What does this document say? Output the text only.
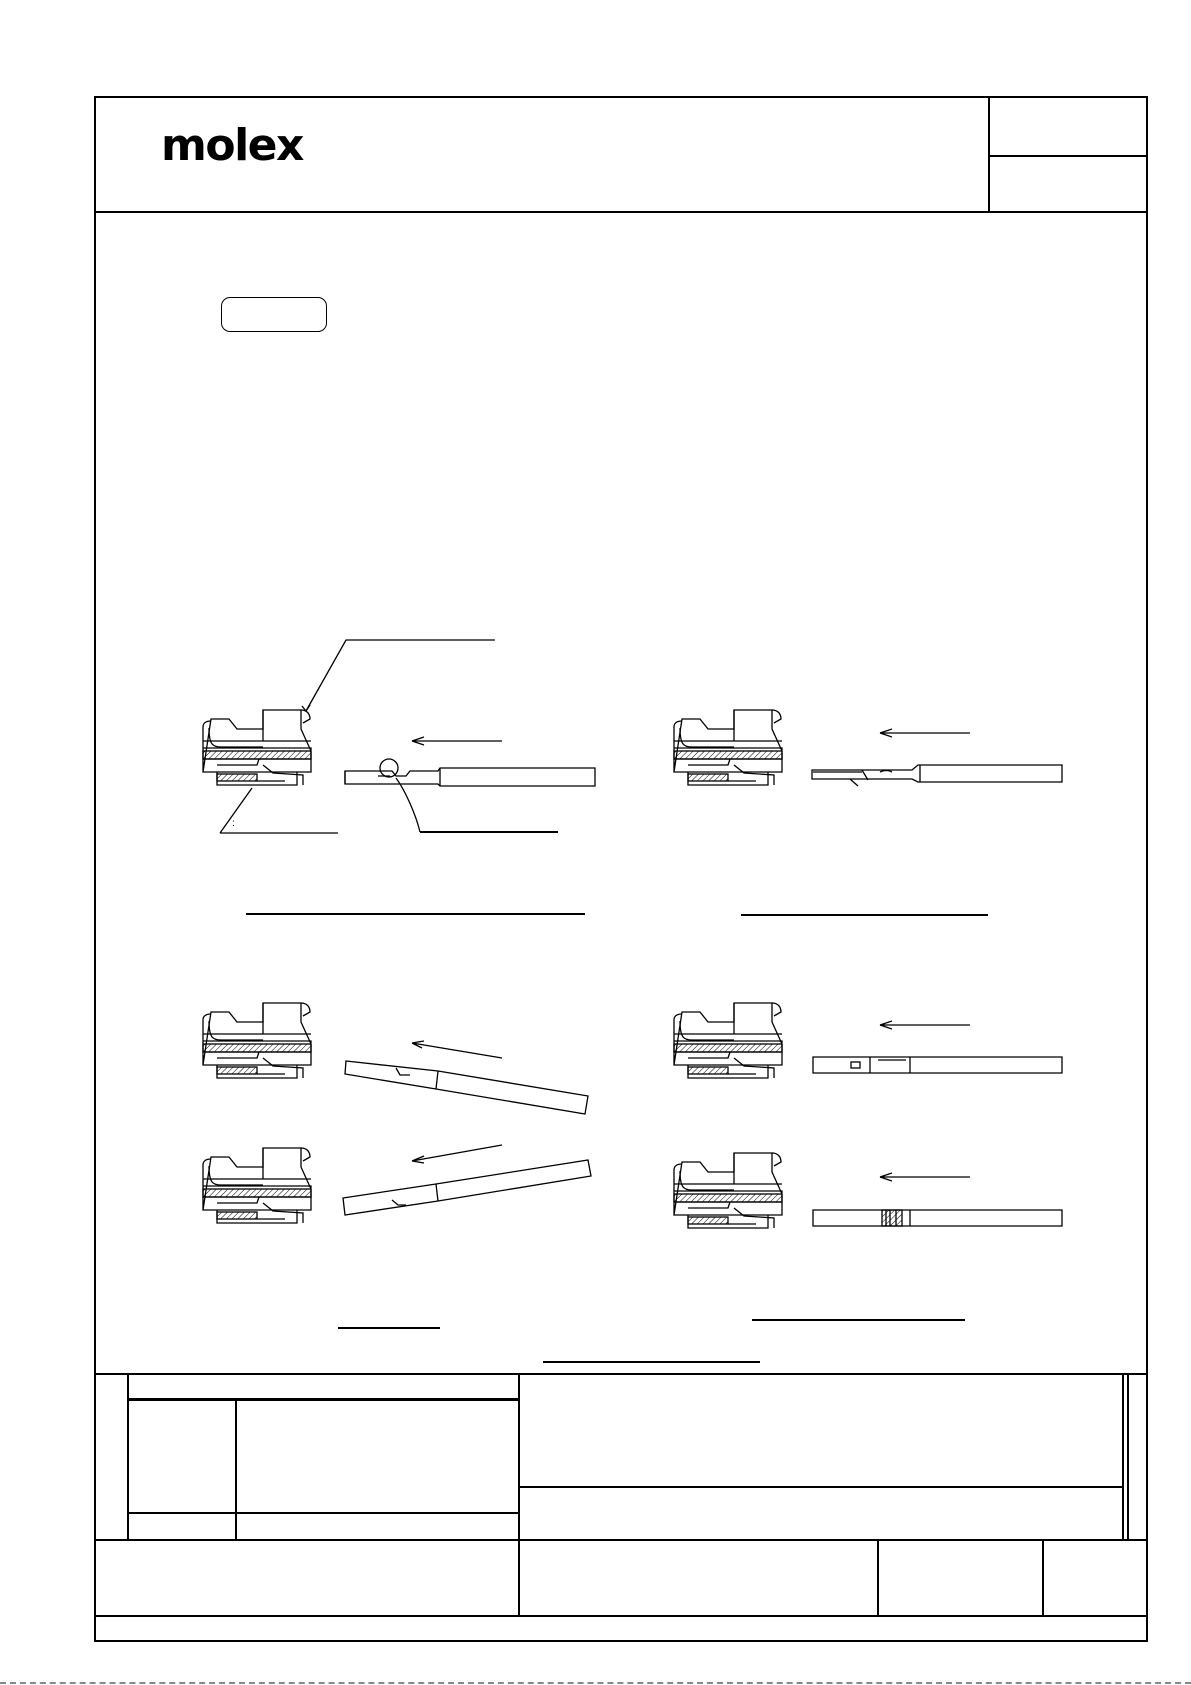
molex
:
